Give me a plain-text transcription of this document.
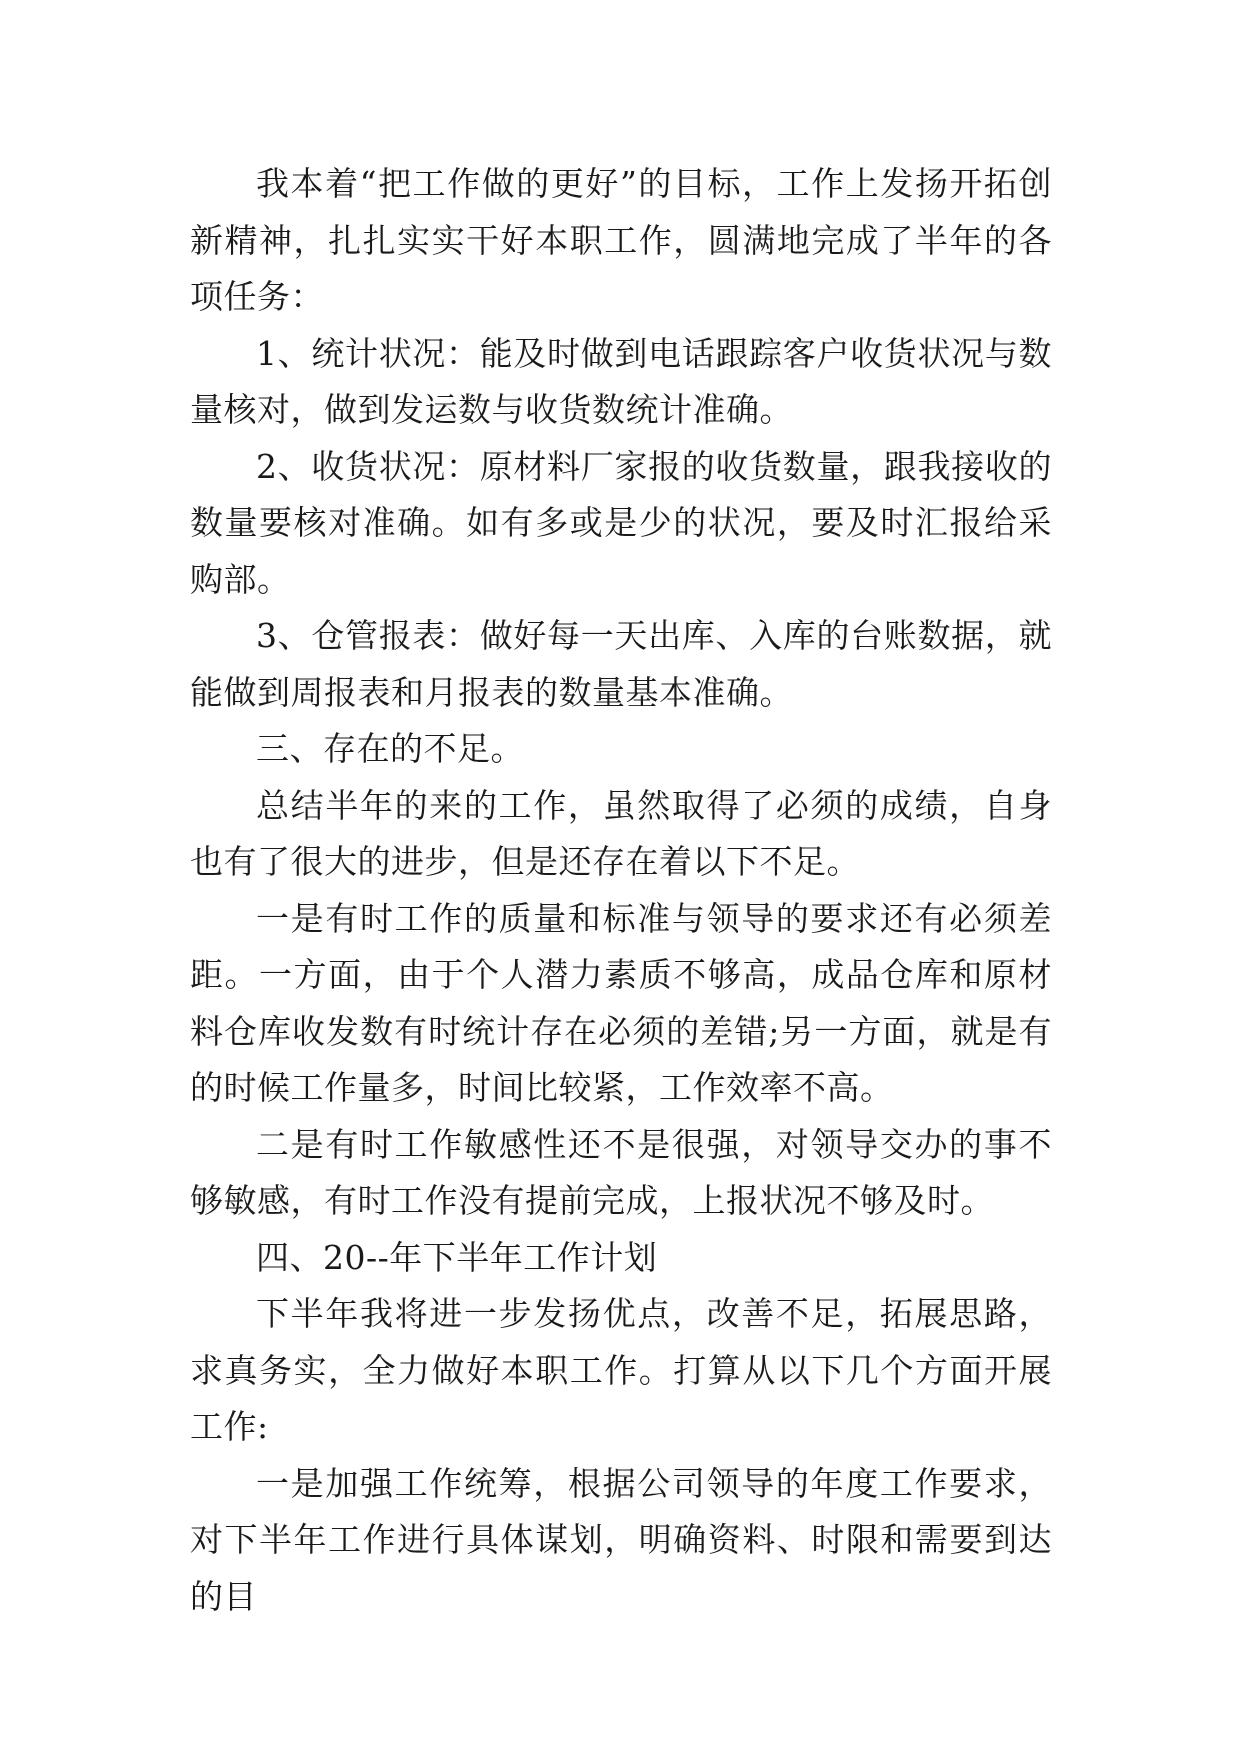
我本着“把工作做的更好”的目标，工作上发扬开拓创新精神，扎扎实实干好本职工作，圆满地完成了半年的各项任务：

1、统计状况：能及时做到电话跟踪客户收货状况与数量核对，做到发运数与收货数统计准确。

2、收货状况：原材料厂家报的收货数量，跟我接收的数量要核对准确。如有多或是少的状况，要及时汇报给采购部。

3、仓管报表：做好每一天出库、入库的台账数据，就能做到周报表和月报表的数量基本准确。

三、存在的不足。

总结半年的来的工作，虽然取得了必须的成绩，自身也有了很大的进步，但是还存在着以下不足。

一是有时工作的质量和标准与领导的要求还有必须差距。一方面，由于个人潜力素质不够高，成品仓库和原材料仓库收发数有时统计存在必须的差错;另一方面，就是有的时候工作量多，时间比较紧，工作效率不高。

二是有时工作敏感性还不是很强，对领导交办的事不够敏感，有时工作没有提前完成，上报状况不够及时。

四、20--年下半年工作计划

下半年我将进一步发扬优点，改善不足，拓展思路，求真务实，全力做好本职工作。打算从以下几个方面开展工作:

一是加强工作统筹，根据公司领导的年度工作要求，对下半年工作进行具体谋划，明确资料、时限和需要到达的目
